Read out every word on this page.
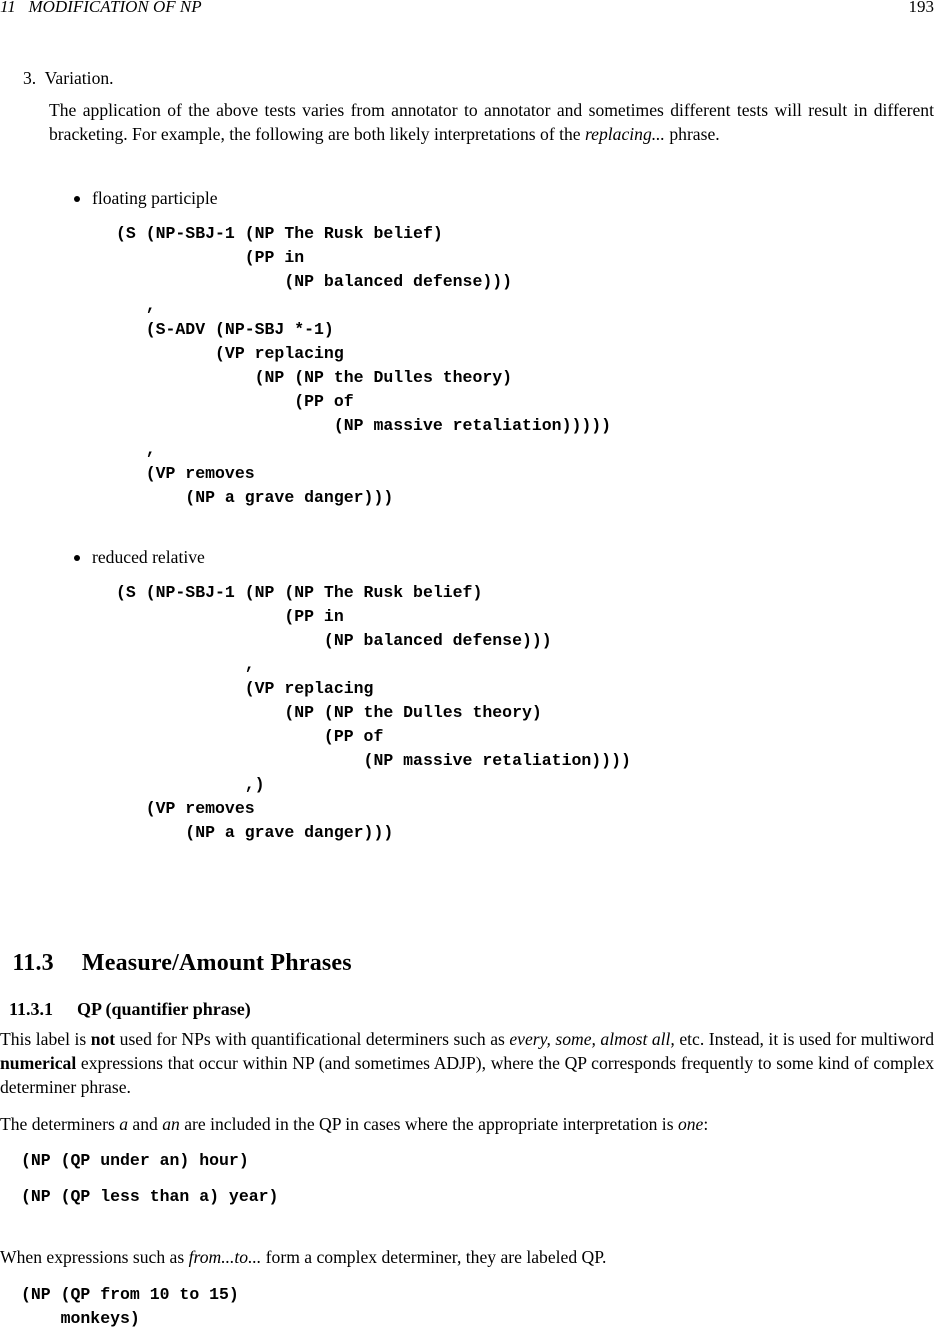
11   MODIFICATION OF NP	193
3.  Variation.
The application of the above tests varies from annotator to annotator and sometimes different tests will result in different bracketing. For example, the following are both likely interpretations of the replacing... phrase.
floating participle
(S (NP-SBJ-1 (NP The Rusk belief)
(PP in
(NP balanced defense)))
,
(S-ADV (NP-SBJ *-1)
(VP replacing
(NP (NP the Dulles theory)
(PP of
(NP massive retaliation)))))
,
(VP removes
(NP a grave danger)))
reduced relative
(S (NP-SBJ-1 (NP (NP The Rusk belief)
(PP in
(NP balanced defense)))
,
(VP replacing
(NP (NP the Dulles theory)
(PP of
(NP massive retaliation))))
,)
(VP removes
(NP a grave danger)))

11.3 Measure/Amount Phrases

11.3.1 QP (quantifier phrase)

This label is not used for NPs with quantificational determiners such as every, some, almost all, etc. Instead, it is used for multiword numerical expressions that occur within NP (and sometimes ADJP), where the QP corresponds frequently to some kind of complex determiner phrase.
The determiners a and an are included in the QP in cases where the appropriate interpretation is one:
(NP (QP under an) hour)
(NP (QP less than a) year)
When expressions such as from...to... form a complex determiner, they are labeled QP.
(NP (QP from 10 to 15)
monkeys)
